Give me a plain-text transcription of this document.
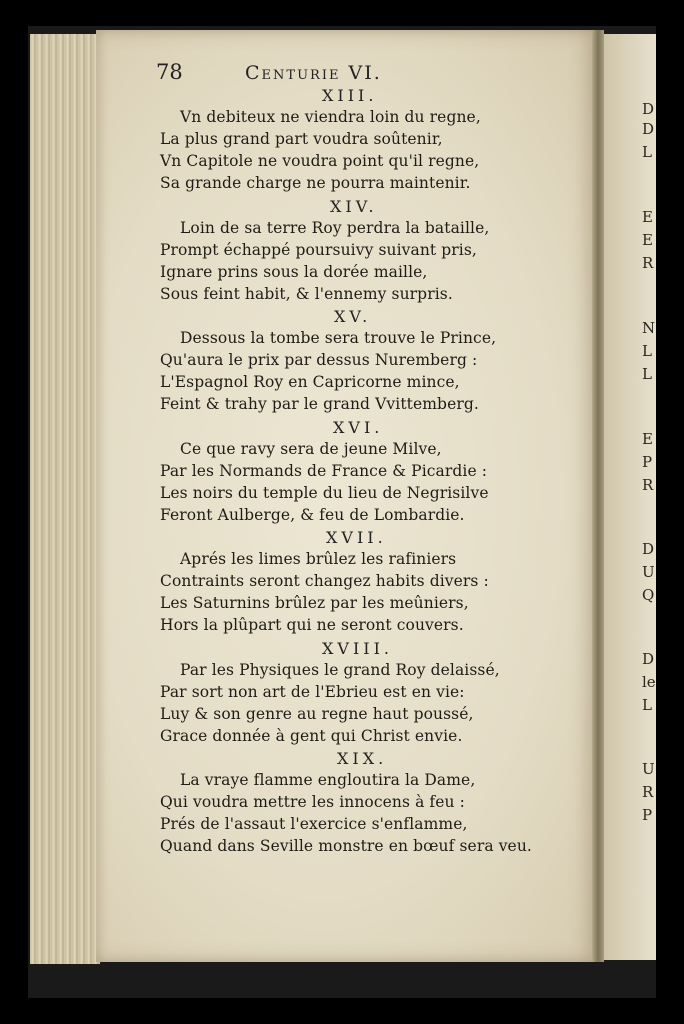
D
D
L
E
E
R
N
L
L
E
P
R
D
U
Q
D
le
L
U
R
P
78	Centurie VI.
XIII.
Vn debiteux ne viendra loin du regne,
La plus grand part voudra soûtenir,
Vn Capitole ne voudra point qu'il regne,
Sa grande charge ne pourra maintenir.
XIV.
Loin de sa terre Roy perdra la bataille,
Prompt échappé poursuivy suivant pris,
Ignare prins sous la dorée maille,
Sous feint habit, & l'ennemy surpris.
XV.
Dessous la tombe sera trouve le Prince,
Qu'aura le prix par dessus Nuremberg :
L'Espagnol Roy en Capricorne mince,
Feint & trahy par le grand Vvittemberg.
XVI.
Ce que ravy sera de jeune Milve,
Par les Normands de France & Picardie :
Les noirs du temple du lieu de Negrisilve
Feront Aulberge, & feu de Lombardie.
XVII.
Aprés les limes brûlez les rafiniers
Contraints seront changez habits divers :
Les Saturnins brûlez par les meûniers,
Hors la plûpart qui ne seront couvers.
XVIII.
Par les Physiques le grand Roy delaissé,
Par sort non art de l'Ebrieu est en vie:
Luy & son genre au regne haut poussé,
Grace donnée à gent qui Christ envie.
XIX.
La vraye flamme engloutira la Dame,
Qui voudra mettre les innocens à feu :
Prés de l'assaut l'exercice s'enflamme,
Quand dans Seville monstre en bœuf sera veu.
